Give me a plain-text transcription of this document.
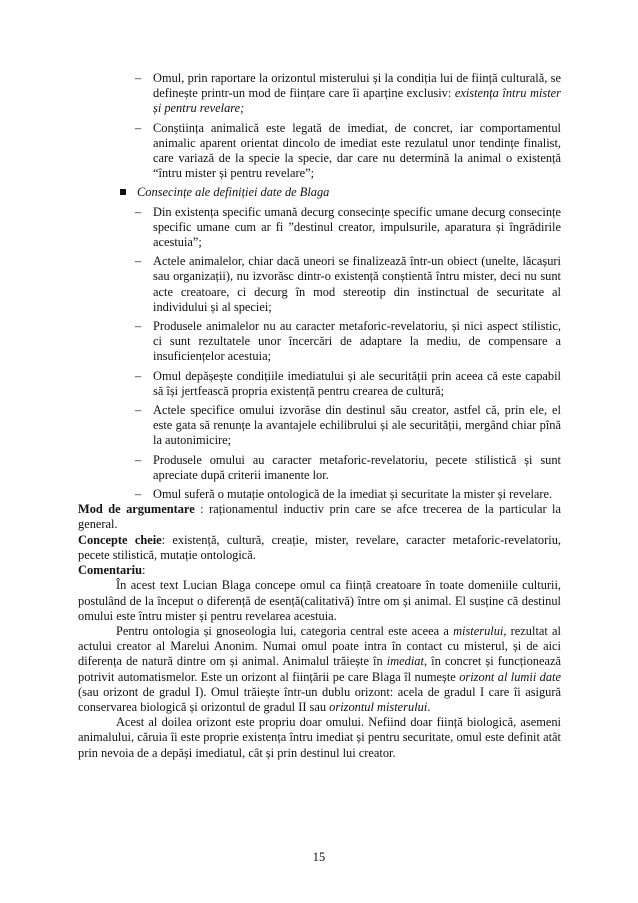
– Omul, prin raportare la orizontul misterului și la condiția lui de ființă culturală, se definește printr-un mod de ființare care îi aparține exclusiv: existența întru mister și pentru revelare;
– Conștiința animalică este legată de imediat, de concret, iar comportamentul animalic aparent orientat dincolo de imediat este rezulatul unor tendințe finalist, care variază de la specie la specie, dar care nu determină la animal o existență “întru mister și pentru revelare”;
Consecințe ale definiției date de Blaga
– Din existența specific umană decurg consecințe specific umane decurg consecințe specific umane cum ar fi ”destinul creator, impulsurile, aparatura și îngrădirile acestuia”;
– Actele animalelor, chiar dacă uneori se finalizează într-un obiect (unelte, lăcașuri sau organizații), nu izvorăsc dintr-o existență conștientă întru mister, deci nu sunt acte creatoare, ci decurg în mod stereotip din instinctual de securitate al individului și al speciei;
– Produsele animalelor nu au caracter metaforic-revelatoriu, și nici aspect stilistic, ci sunt rezultatele unor încercări de adaptare la mediu, de compensare a insuficiențelor acestuia;
– Omul depășește condițiile imediatului și ale securității prin aceea că este capabil să își jertfească propria existență pentru crearea de cultură;
– Actele specifice omului izvorăse din destinul său creator, astfel că, prin ele, el este gata să renunțe la avantajele echilibrului și ale securității, mergând chiar pînă la autonimicire;
– Produsele omului au caracter metaforic-revelatoriu, pecete stilistică și sunt apreciate după criterii imanente lor.
– Omul suferă o mutație ontologică de la imediat și securitate la mister și revelare.

Mod de argumentare : raționamentul inductiv prin care se afce trecerea de la particular la general.

Concepte cheie: existență, cultură, creație, mister, revelare, caracter metaforic-revelatoriu, pecete stilistică, mutație ontologică.

Comentariu:

În acest text Lucian Blaga concepe omul ca ființă creatoare în toate domeniile culturii, postulând de la început o diferență de esență(calitativă) între om și animal. El susține că destinul omului este întru mister și pentru revelarea acestuia.

Pentru ontologia și gnoseologia lui, categoria central este aceea a misterului, rezultat al actului creator al Marelui Anonim. Numai omul poate intra în contact cu misterul, și de aici diferența de natură dintre om și animal. Animalul trăiește în imediat, în concret și funcționează potrivit automatismelor. Este un orizont al ființării pe care Blaga îl numește orizont al lumii date (sau orizont de gradul I). Omul trăiește într-un dublu orizont: acela de gradul I care îi asigură conservarea biologică și orizontul de gradul II sau orizontul misterului.

Acest al doilea orizont este propriu doar omului. Nefiind doar ființă biologică, asemeni animalului, căruia îi este proprie existența întru imediat și pentru securitate, omul este definit atât prin nevoia de a depăși imediatul, cât și prin destinul lui creator.

15
